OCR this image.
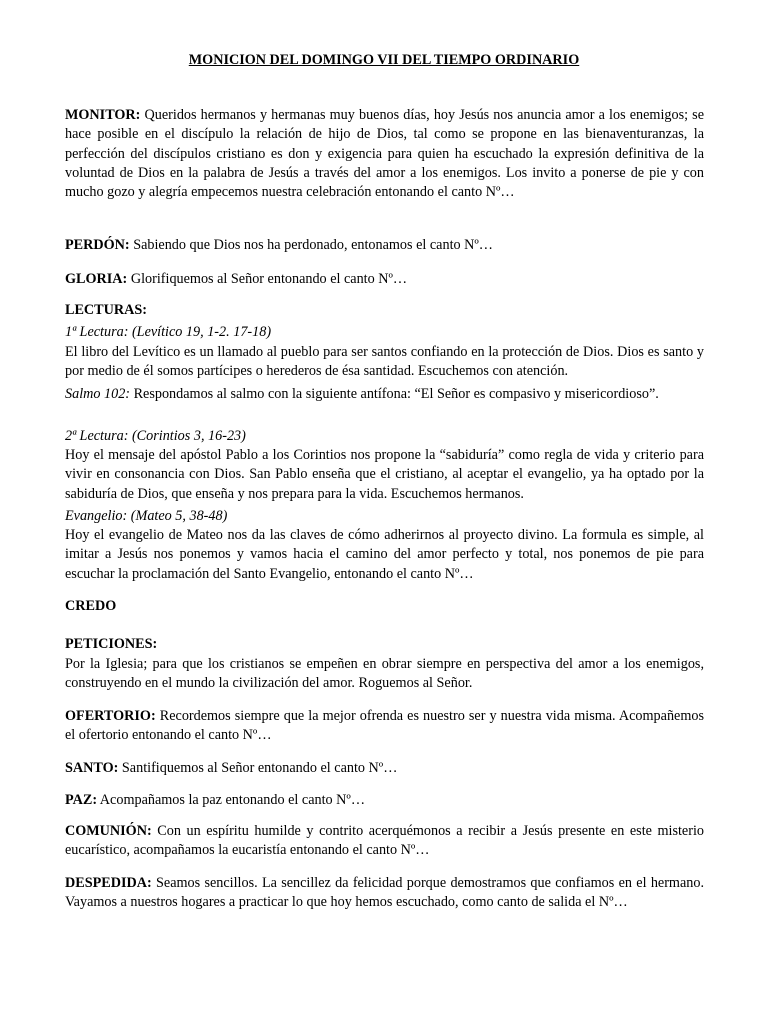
MONICION DEL DOMINGO VII DEL TIEMPO ORDINARIO
MONITOR: Queridos hermanos y hermanas muy buenos días, hoy Jesús nos anuncia amor a los enemigos; se hace posible en el discípulo la relación de hijo de Dios, tal como se propone en las bienaventuranzas, la perfección del discípulos cristiano es don y exigencia para quien ha escuchado la expresión definitiva de la voluntad de Dios en la palabra de Jesús a través del amor a los enemigos. Los invito a ponerse de pie y con mucho gozo y alegría empecemos nuestra celebración entonando el canto Nº…
PERDÓN: Sabiendo que Dios nos ha perdonado, entonamos el canto Nº…
GLORIA: Glorifiquemos al Señor entonando el canto Nº…
LECTURAS:
1ª Lectura: (Levítico 19, 1-2. 17-18)
El libro del Levítico es un llamado al pueblo para ser santos confiando en la protección de Dios. Dios es santo y por medio de él somos partícipes o herederos de ésa santidad. Escuchemos con atención.
Salmo 102: Respondamos al salmo con la siguiente antífona: “El Señor es compasivo y misericordioso”.
2ª Lectura: (Corintios 3, 16-23)
Hoy el mensaje del apóstol Pablo a los Corintios nos propone la “sabiduría” como regla de vida y criterio para vivir en consonancia con Dios. San Pablo enseña que el cristiano, al aceptar el evangelio, ya ha optado por la sabiduría de Dios, que enseña y nos prepara para la vida. Escuchemos hermanos.
Evangelio: (Mateo 5, 38-48)
Hoy el evangelio de Mateo nos da las claves de cómo adherirnos al proyecto divino. La formula es simple, al imitar a Jesús nos ponemos y vamos hacia el camino del amor perfecto y total, nos ponemos de pie para escuchar la proclamación del Santo Evangelio, entonando el canto Nº…
CREDO
PETICIONES:
Por la Iglesia; para que los cristianos se empeñen en obrar siempre en perspectiva del amor a los enemigos, construyendo en el mundo la civilización del amor. Roguemos al Señor.
OFERTORIO: Recordemos siempre que la mejor ofrenda es nuestro ser y nuestra vida misma. Acompañemos el ofertorio entonando el canto Nº…
SANTO: Santifiquemos al Señor entonando el canto Nº…
PAZ: Acompañamos la paz entonando el canto Nº…
COMUNIÓN: Con un espíritu humilde y contrito acerquémonos a recibir a Jesús presente en este misterio eucarístico, acompañamos la eucaristía entonando el canto Nº…
DESPEDIDA: Seamos sencillos. La sencillez da felicidad porque demostramos que confiamos en el hermano. Vayamos a nuestros hogares a practicar lo que hoy hemos escuchado, como canto de salida el Nº…
